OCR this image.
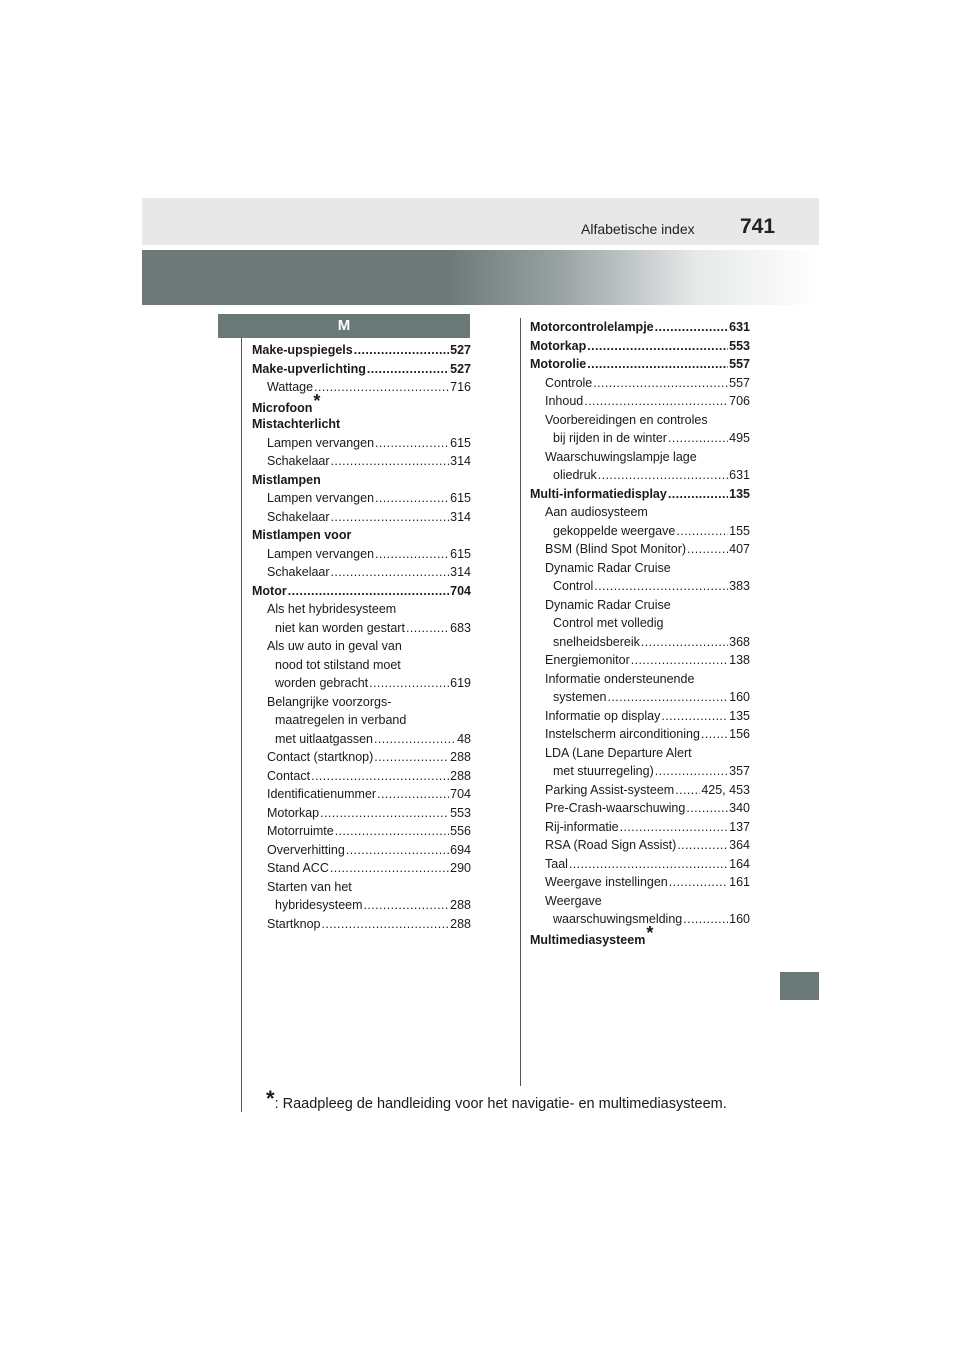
Alfabetische index 741
M
Make-upspiegels .....	527
Make-upverlichting .....	527
Wattage .....	716
Microfoon *
Mistachterlicht
Lampen vervangen .....	615
Schakelaar .....	314
Mistlampen
Lampen vervangen .....	615
Schakelaar .....	314
Mistlampen voor
Lampen vervangen .....	615
Schakelaar .....	314
Motor .....	704
Als het hybridesysteem
niet kan worden gestart .....	683
Als uw auto in geval van
nood tot stilstand moet
worden gebracht .....	619
Belangrijke voorzorgs-
maatregelen in verband
met uitlaatgassen .....	48
Contact (startknop) .....	288
Contact .....	288
Identificatienummer .....	704
Motorkap .....	553
Motorruimte .....	556
Oververhitting .....	694
Stand ACC .....	290
Starten van het
hybridesysteem .....	288
Startknop .....	288
Motorcontrolelampje .....	631
Motorkap .....	553
Motorolie .....	557
Controle .....	557
Inhoud .....	706
Voorbereidingen en controles
bij rijden in de winter .....	495
Waarschuwingslampje lage
oliedruk .....	631
Multi-informatiedisplay .....	135
Aan audiosysteem
gekoppelde weergave .....	155
BSM (Blind Spot Monitor) .....	407
Dynamic Radar Cruise
Control .....	383
Dynamic Radar Cruise
Control met volledig
snelheidsbereik .....	368
Energiemonitor .....	138
Informatie ondersteunende
systemen .....	160
Informatie op display .....	135
Instelscherm airconditioning ..... 156
LDA (Lane Departure Alert
met stuurregeling) .....	357
Parking Assist-systeem ..... 425, 453
Pre-Crash-waarschuwing .....	340
Rij-informatie .....	137
RSA (Road Sign Assist) .....	364
Taal .....	164
Weergave instellingen .....	161
Weergave
waarschuwingsmelding .....	160
Multimediasysteem *
*: Raadpleeg de handleiding voor het navigatie- en multimediasysteem.
